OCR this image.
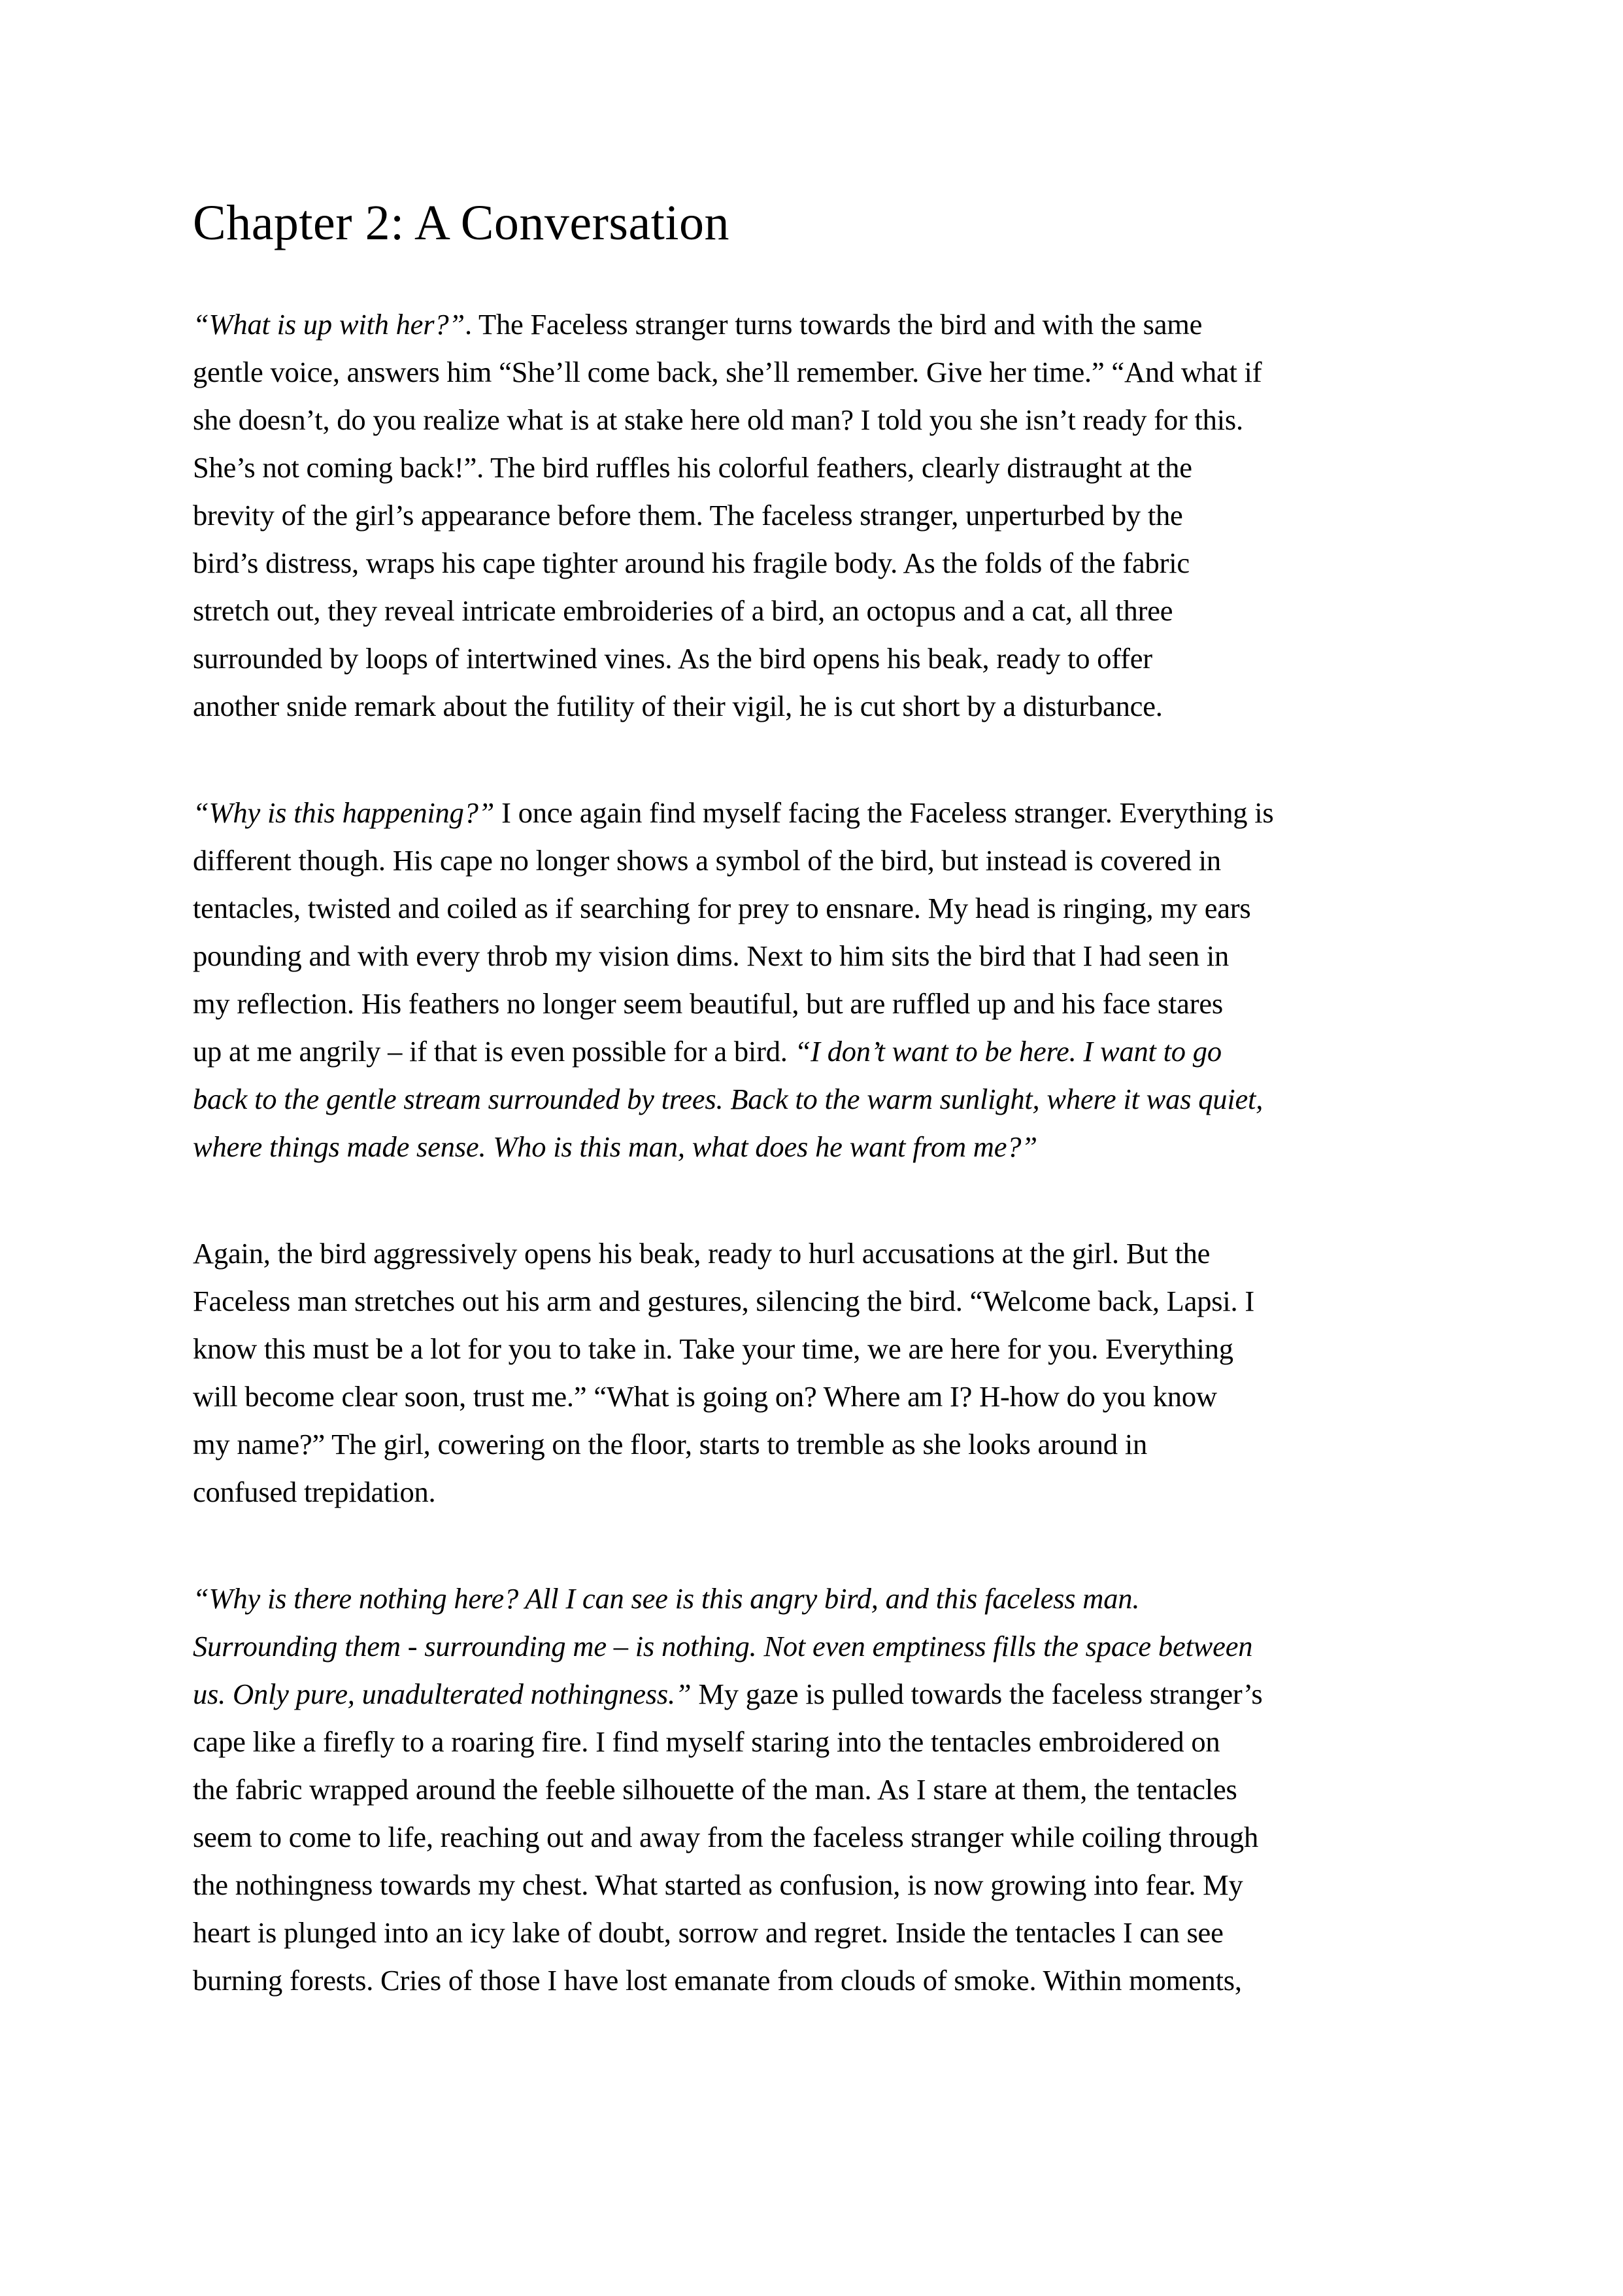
Chapter 2: A Conversation
“What is up with her?”. The Faceless stranger turns towards the bird and with the same
gentle voice, answers him “She’ll come back, she’ll remember. Give her time.” “And what if
she doesn’t, do you realize what is at stake here old man? I told you she isn’t ready for this.
She’s not coming back!”. The bird ruffles his colorful feathers, clearly distraught at the
brevity of the girl’s appearance before them. The faceless stranger, unperturbed by the
bird’s distress, wraps his cape tighter around his fragile body. As the folds of the fabric
stretch out, they reveal intricate embroideries of a bird, an octopus and a cat, all three
surrounded by loops of intertwined vines. As the bird opens his beak, ready to offer
another snide remark about the futility of their vigil, he is cut short by a disturbance.
“Why is this happening?” I once again find myself facing the Faceless stranger. Everything is
different though. His cape no longer shows a symbol of the bird, but instead is covered in
tentacles, twisted and coiled as if searching for prey to ensnare. My head is ringing, my ears
pounding and with every throb my vision dims. Next to him sits the bird that I had seen in
my reflection. His feathers no longer seem beautiful, but are ruffled up and his face stares
up at me angrily – if that is even possible for a bird. “I don’t want to be here. I want to go
back to the gentle stream surrounded by trees. Back to the warm sunlight, where it was quiet,
where things made sense. Who is this man, what does he want from me?”
Again, the bird aggressively opens his beak, ready to hurl accusations at the girl. But the
Faceless man stretches out his arm and gestures, silencing the bird. “Welcome back, Lapsi. I
know this must be a lot for you to take in. Take your time, we are here for you. Everything
will become clear soon, trust me.” “What is going on? Where am I? H-how do you know
my name?” The girl, cowering on the floor, starts to tremble as she looks around in
confused trepidation.
“Why is there nothing here? All I can see is this angry bird, and this faceless man.
Surrounding them - surrounding me – is nothing. Not even emptiness fills the space between
us. Only pure, unadulterated nothingness.” My gaze is pulled towards the faceless stranger’s
cape like a firefly to a roaring fire. I find myself staring into the tentacles embroidered on
the fabric wrapped around the feeble silhouette of the man. As I stare at them, the tentacles
seem to come to life, reaching out and away from the faceless stranger while coiling through
the nothingness towards my chest. What started as confusion, is now growing into fear. My
heart is plunged into an icy lake of doubt, sorrow and regret. Inside the tentacles I can see
burning forests. Cries of those I have lost emanate from clouds of smoke. Within moments,
